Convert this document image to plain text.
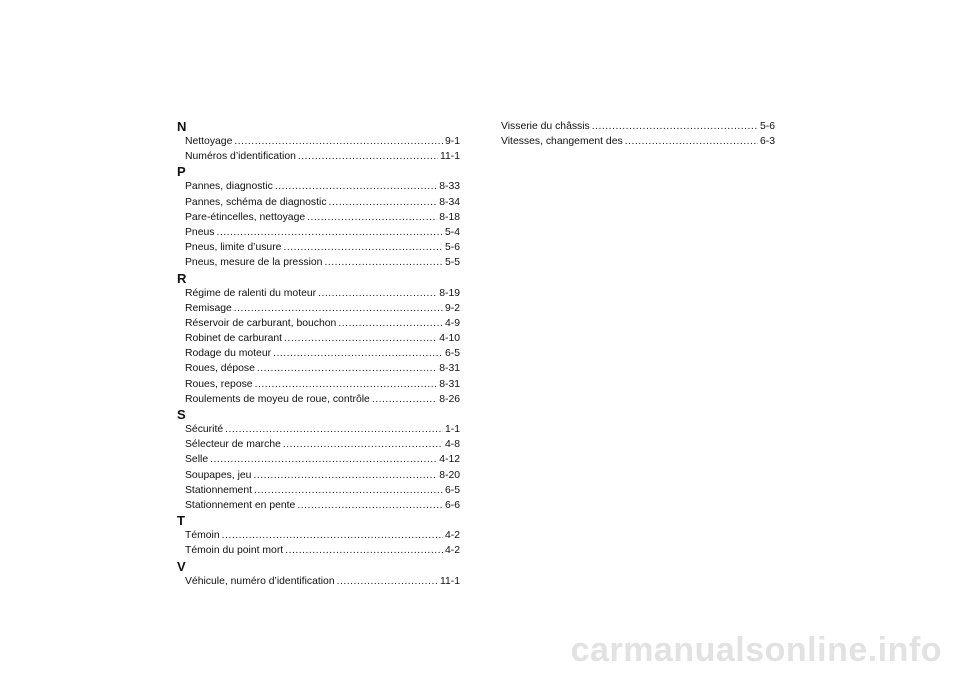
N
Nettoyage .....	9-1
Numéros d’identification .....	11-1
P
Pannes, diagnostic .....	8-33
Pannes, schéma de diagnostic .....	8-34
Pare-étincelles, nettoyage .....	8-18
Pneus .....	5-4
Pneus, limite d’usure .....	5-6
Pneus, mesure de la pression .....	5-5
R
Régime de ralenti du moteur .....	8-19
Remisage .....	9-2
Réservoir de carburant, bouchon .....	4-9
Robinet de carburant .....	4-10
Rodage du moteur .....	6-5
Roues, dépose .....	8-31
Roues, repose .....	8-31
Roulements de moyeu de roue, contrôle .....	8-26
S
Sécurité .....	1-1
Sélecteur de marche .....	4-8
Selle .....	4-12
Soupapes, jeu .....	8-20
Stationnement .....	6-5
Stationnement en pente .....	6-6
T
Témoin .....	4-2
Témoin du point mort .....	4-2
V
Véhicule, numéro d’identification .....	11-1
Visserie du châssis .....	5-6
Vitesses, changement des .....	6-3
carmanualsonline.info
